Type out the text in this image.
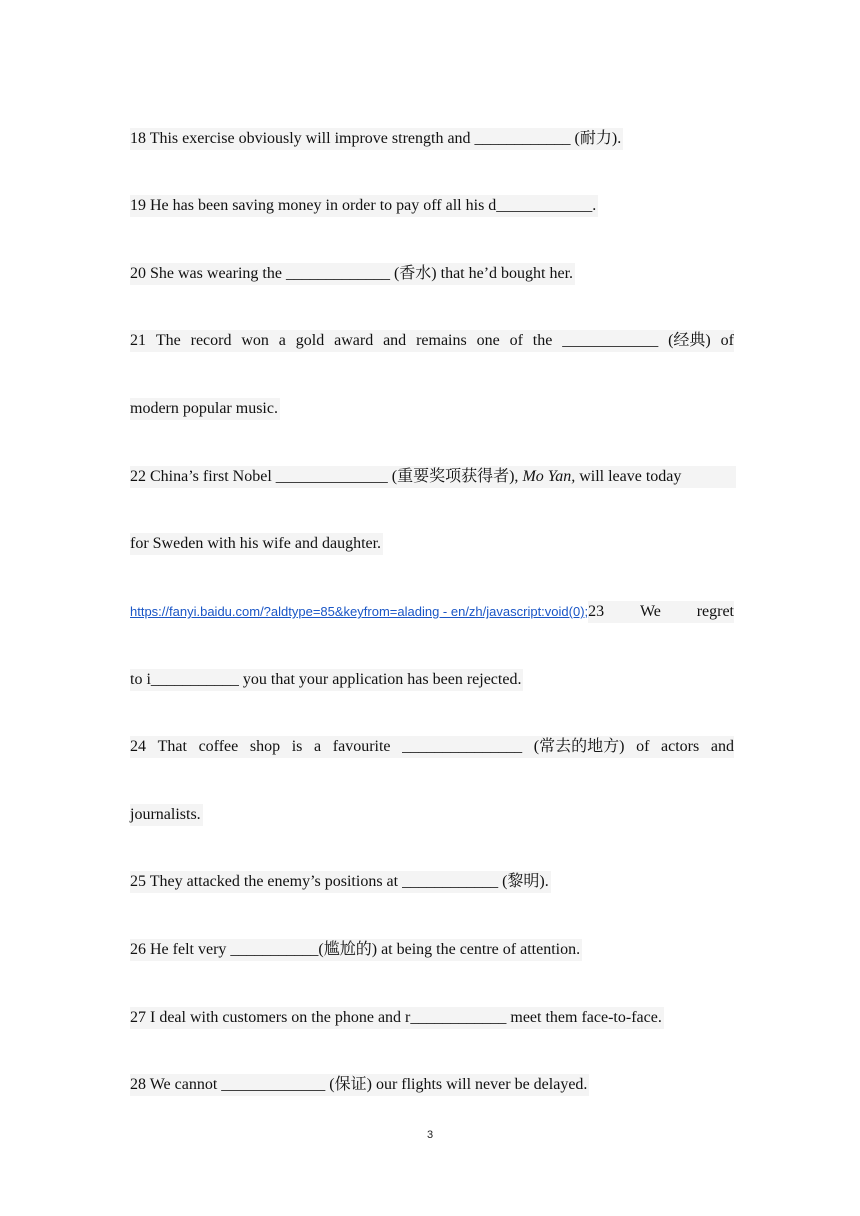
18 This exercise obviously will improve strength and ____________ (耐力).
19 He has been saving money in order to pay off all his d____________.
20 She was wearing the _____________ (香水) that he’d bought her.
21 The record won a gold award and remains one of the ____________ (经典) of
modern popular music.
22 China’s first Nobel ______________ (重要奖项获得者), Mo Yan, will leave today
for Sweden with his wife and daughter.
https://fanyi.baidu.com/?aldtype=85&keyfrom=alading - en/zh/javascript:void(0); 23 We regret
to i___________ you that your application has been rejected.
24 That coffee shop is a favourite _______________ (常去的地方) of actors and
journalists.
25 They attacked the enemy’s positions at ____________ (黎明).
26 He felt very ___________(尴尬的) at being the centre of attention.
27 I deal with customers on the phone and r____________ meet them face-to-face.
28 We cannot _____________ (保证) our flights will never be delayed.
3
